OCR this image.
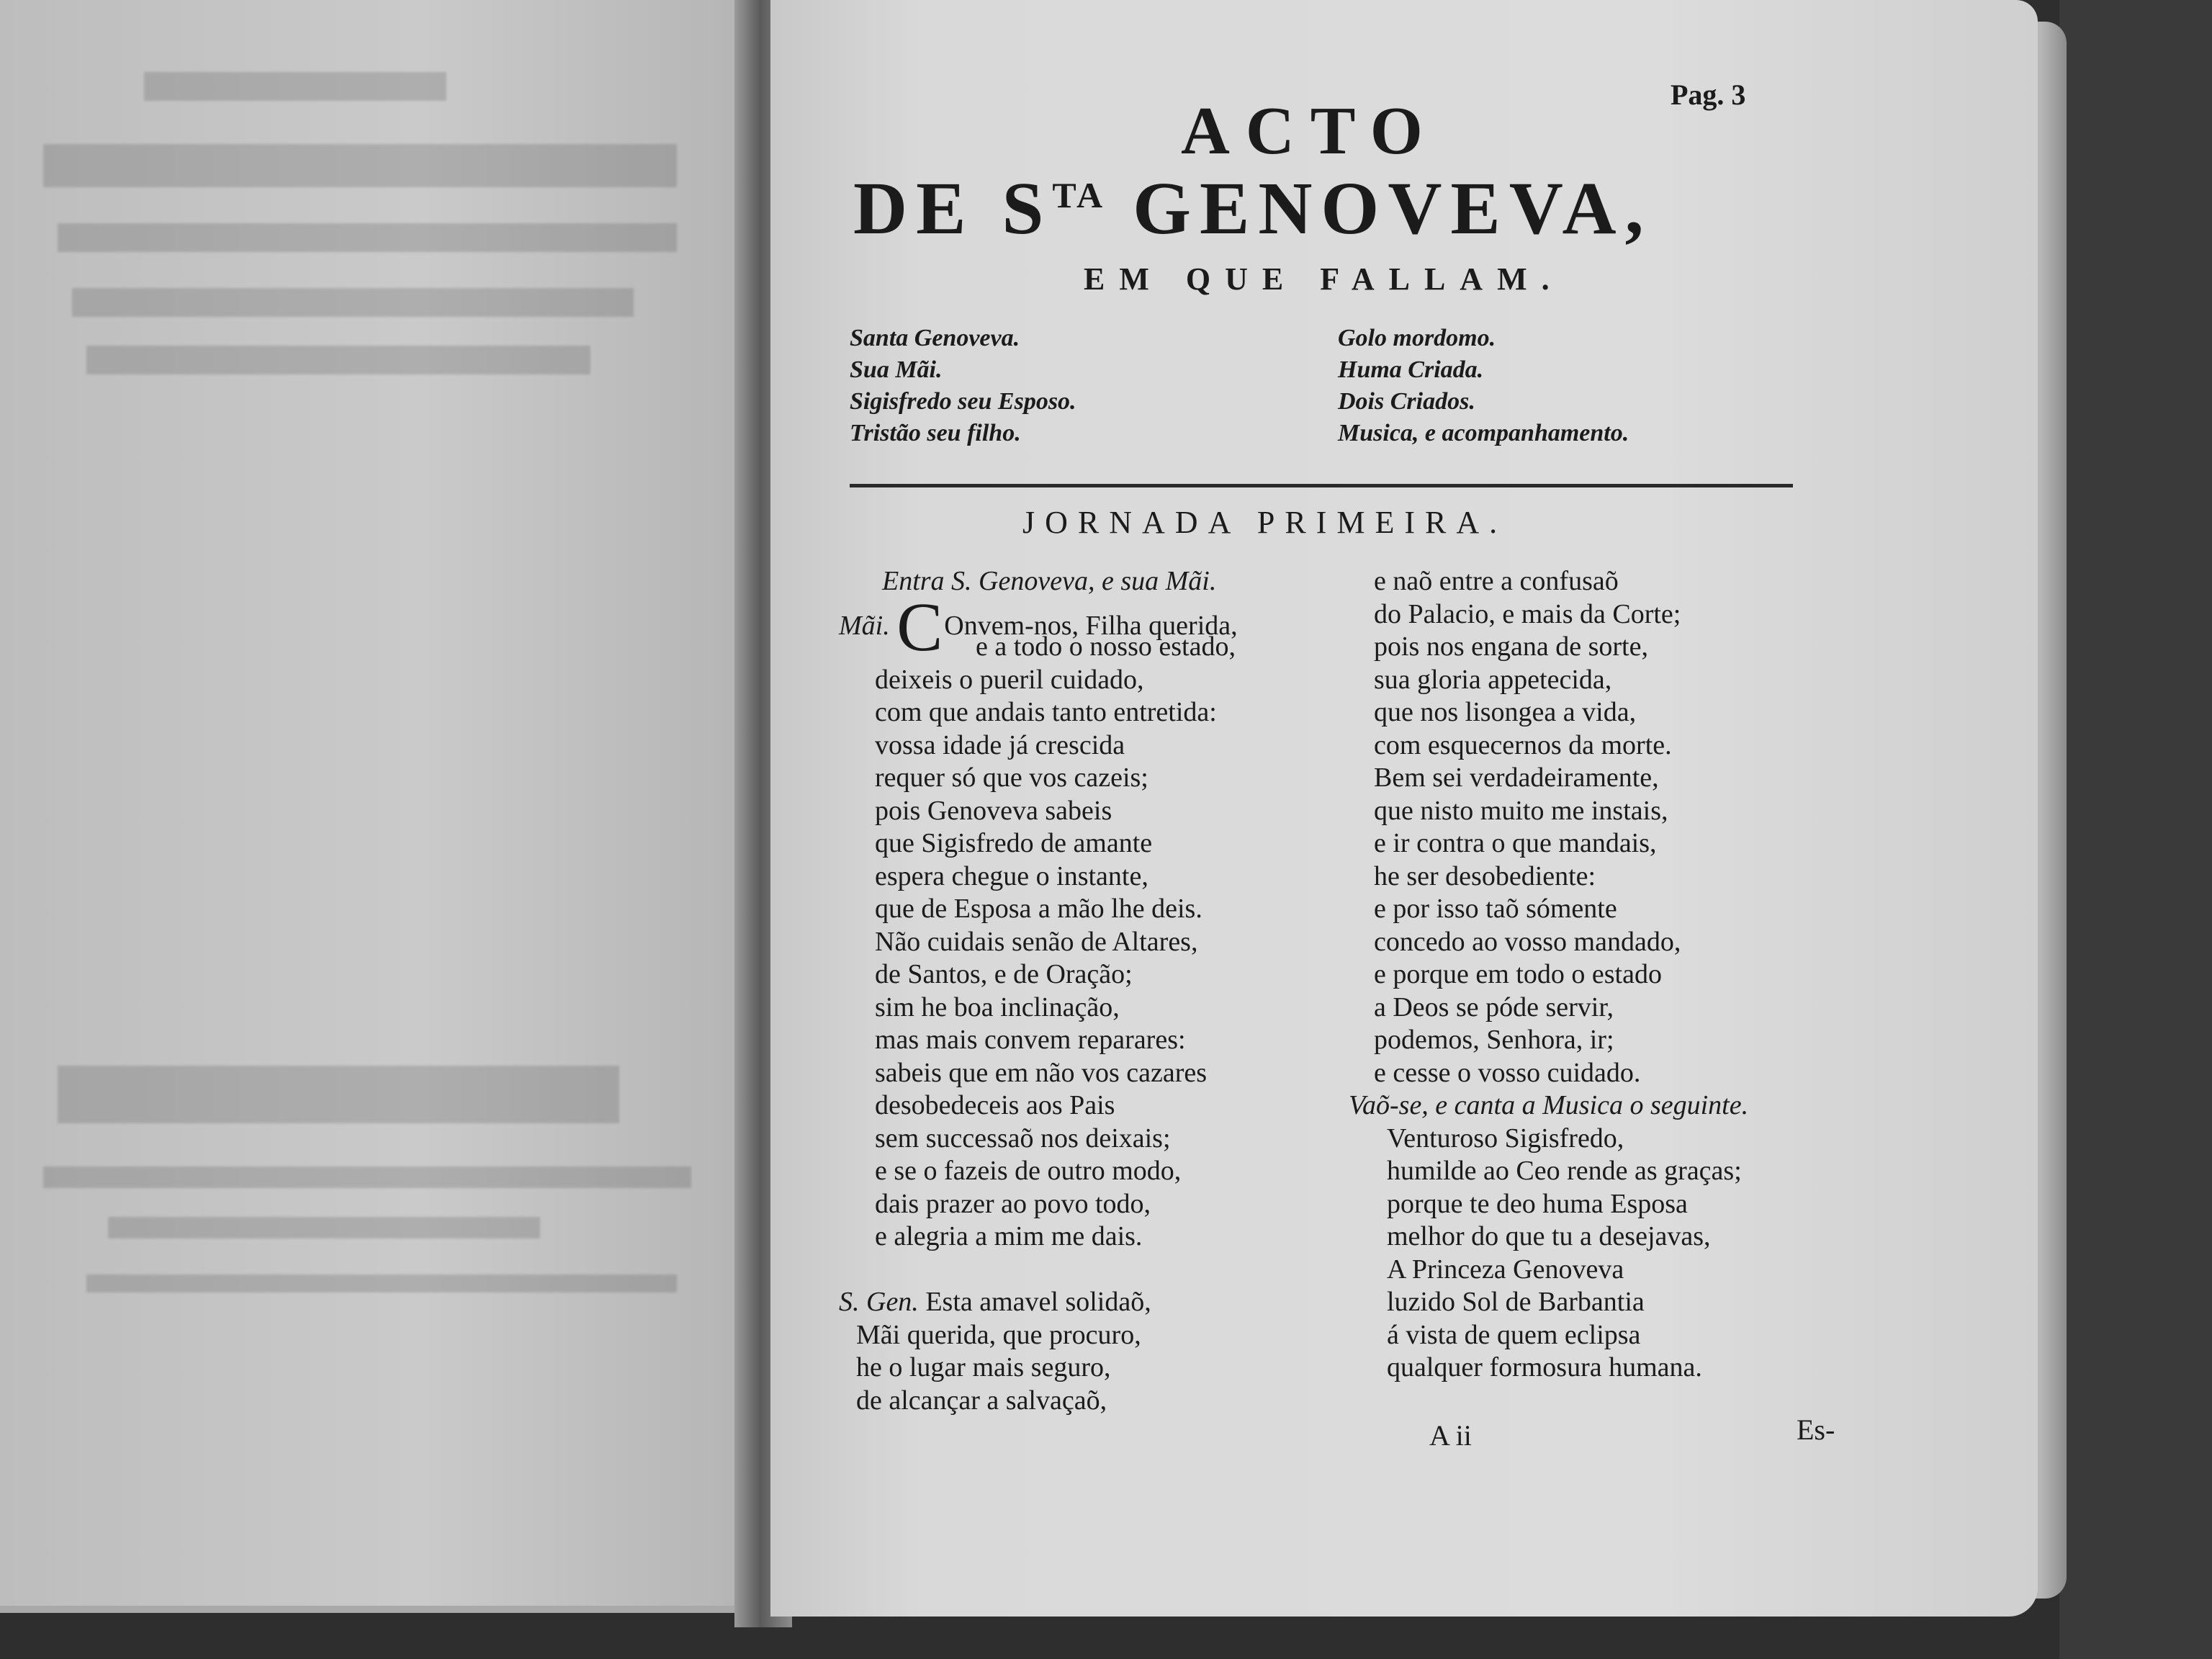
Pag. 3
ACTO
DE $S^{TA}$ GENOVEVA,
EM QUE FALLAM.
Santa Genoveva.
Sua Mãi.
Sigisfredo seu Esposo.
Tristão seu filho.
Golo mordomo.
Huma Criada.
Dois Criados.
Musica, e acompanhamento.
JORNADA PRIMEIRA.
Entra S. Genoveva, e sua Mãi.
Mãi. COnvem-nos, Filha querida,
e a todo o nosso estado,
deixeis o pueril cuidado,
com que andais tanto entretida:
vossa idade já crescida
requer só que vos cazeis;
pois Genoveva sabeis
que Sigisfredo de amante
espera chegue o instante,
que de Esposa a mão lhe deis.
Não cuidais senão de Altares,
de Santos, e de Oração;
sim he boa inclinação,
mas mais convem reparares:
sabeis que em não vos cazares
desobedeceis aos Pais
sem successaõ nos deixais;
e se o fazeis de outro modo,
dais prazer ao povo todo,
e alegria a mim me dais.
S. Gen. Esta amavel solidaõ,
Mãi querida, que procuro,
he o lugar mais seguro,
de alcançar a salvaçaõ,
e naõ entre a confusaõ
do Palacio, e mais da Corte;
pois nos engana de sorte,
sua gloria appetecida,
que nos lisongea a vida,
com esquecernos da morte.
Bem sei verdadeiramente,
que nisto muito me instais,
e ir contra o que mandais,
he ser desobediente:
e por isso taõ sómente
concedo ao vosso mandado,
e porque em todo o estado
a Deos se póde servir,
podemos, Senhora, ir;
e cesse o vosso cuidado.
Vaõ-se, e canta a Musica o seguinte.
Venturoso Sigisfredo,
humilde ao Ceo rende as graças;
porque te deo huma Esposa
melhor do que tu a desejavas,
A Princeza Genoveva
luzido Sol de Barbantia
á vista de quem eclipsa
qualquer formosura humana.
A ii	Es-
